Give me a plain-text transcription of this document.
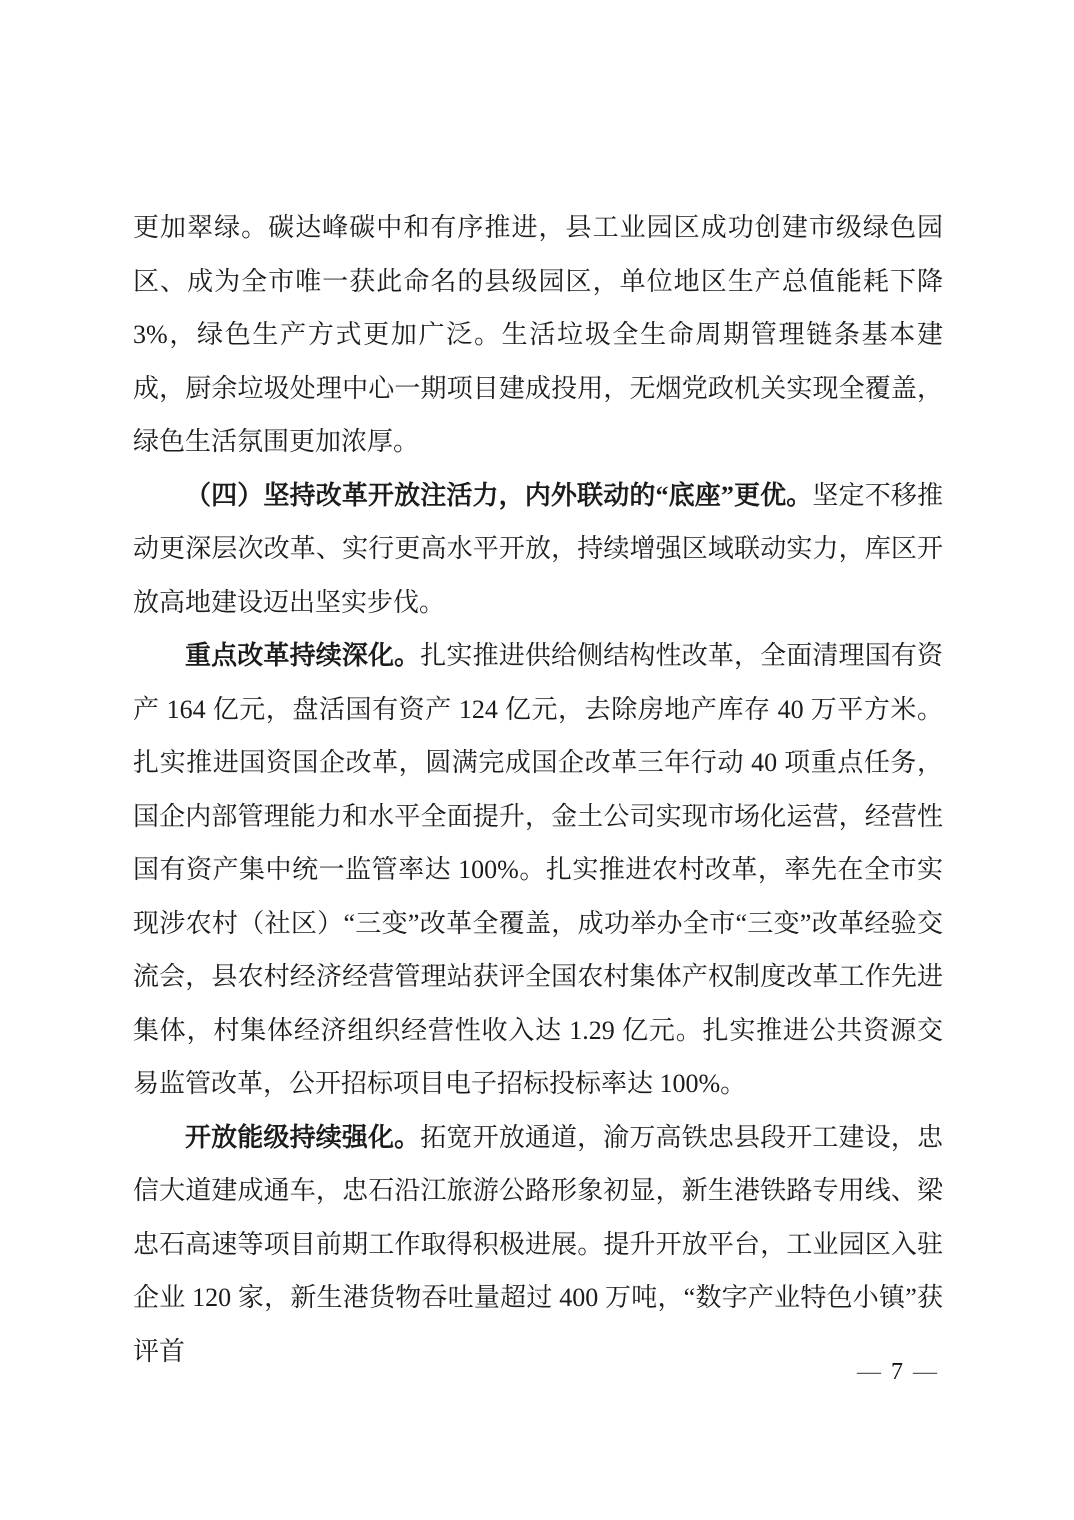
更加翠绿。碳达峰碳中和有序推进，县工业园区成功创建市级绿色园区、成为全市唯一获此命名的县级园区，单位地区生产总值能耗下降 3%，绿色生产方式更加广泛。生活垃圾全生命周期管理链条基本建成，厨余垃圾处理中心一期项目建成投用，无烟党政机关实现全覆盖，绿色生活氛围更加浓厚。

（四）坚持改革开放注活力，内外联动的“底座”更优。坚定不移推动更深层次改革、实行更高水平开放，持续增强区域联动实力，库区开放高地建设迈出坚实步伐。

重点改革持续深化。扎实推进供给侧结构性改革，全面清理国有资产 164 亿元，盘活国有资产 124 亿元，去除房地产库存 40 万平方米。扎实推进国资国企改革，圆满完成国企改革三年行动 40 项重点任务，国企内部管理能力和水平全面提升，金土公司实现市场化运营，经营性国有资产集中统一监管率达 100%。扎实推进农村改革，率先在全市实现涉农村（社区）“三变”改革全覆盖，成功举办全市“三变”改革经验交流会，县农村经济经营管理站获评全国农村集体产权制度改革工作先进集体，村集体经济组织经营性收入达 1.29 亿元。扎实推进公共资源交易监管改革，公开招标项目电子招标投标率达 100%。

开放能级持续强化。拓宽开放通道，渝万高铁忠县段开工建设，忠信大道建成通车，忠石沿江旅游公路形象初显，新生港铁路专用线、梁忠石高速等项目前期工作取得积极进展。提升开放平台，工业园区入驻企业 120 家，新生港货物吞吐量超过 400 万吨，“数字产业特色小镇”获评首

— 7 —
